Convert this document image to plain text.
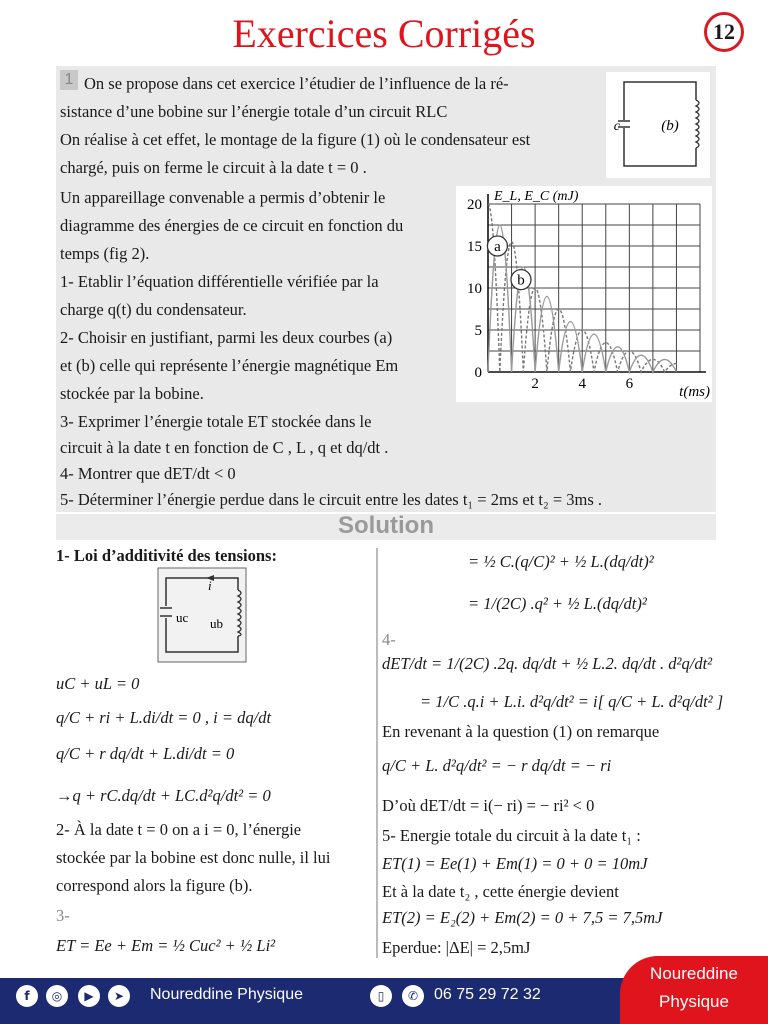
Exercices Corrigés	12
1 On se propose dans cet exercice l’étudier de l’influence de la ré-
sistance d’une bobine sur l’énergie totale d’un circuit RLC
On réalise à cet effet, le montage de la figure (1) où le condensateur est
chargé, puis on ferme le circuit à la date t = 0 .
Un appareillage convenable a permis d’obtenir le
diagramme des énergies de ce circuit en fonction du
temps (fig 2).
1- Etablir l’équation différentielle vérifiée par la
charge q(t) du condensateur.
2- Choisir en justifiant, parmi les deux courbes (a)
et (b) celle qui représente l’énergie magnétique Em
stockée par la bobine.
3- Exprimer l’énergie totale ET stockée dans le
circuit à la date t en fonction de C , L , q et dq/dt .
4- Montrer que dET/dt < 0
5- Déterminer l’énergie perdue dans le circuit entre les dates t₁ = 2ms et t₂ = 3ms .
c	(b)
0
5
10
15
20
2	4	6
E_L, E_C (mJ)
t(ms)
a
b
Solution
1- Loi d’additivité des tensions:
i
uc ub
uC + uL = 0
q/C + ri + L.di/dt = 0 , i = dq/dt
q/C + r dq/dt + L.di/dt = 0
→q + rC.dq/dt + LC.d²q/dt² = 0
2- À la date t = 0 on a i = 0, l’énergie
stockée par la bobine est donc nulle, il lui
correspond alors la figure (b).
3-
ET = Ee + Em = ½ Cuc² + ½ Li²
= ½ C.(q/C)² + ½ L.(dq/dt)²
= 1/(2C) .q² + ½ L.(dq/dt)²
4-
dET/dt = 1/(2C) .2q. dq/dt + ½ L.2. dq/dt . d²q/dt²
= 1/C .q.i + L.i. d²q/dt² = i[ q/C + L. d²q/dt² ]
En revenant à la question (1) on remarque
q/C + L. d²q/dt² = − r dq/dt = − ri
D’où dET/dt = i(− ri) = − ri² < 0
5- Energie totale du circuit à la date t₁ :
ET(1) = Ee(1) + Em(1) = 0 + 0 = 10mJ
Et à la date t₂ , cette énergie devient
ET(2) = E₂(2) + Em(2) = 0 + 7,5 = 7,5mJ
Eperdue: |ΔE| = 2,5mJ
f	◎	▶	➤	Noureddine Physique	▯	✆ 06 75 29 72 32
Noureddine
Physique
